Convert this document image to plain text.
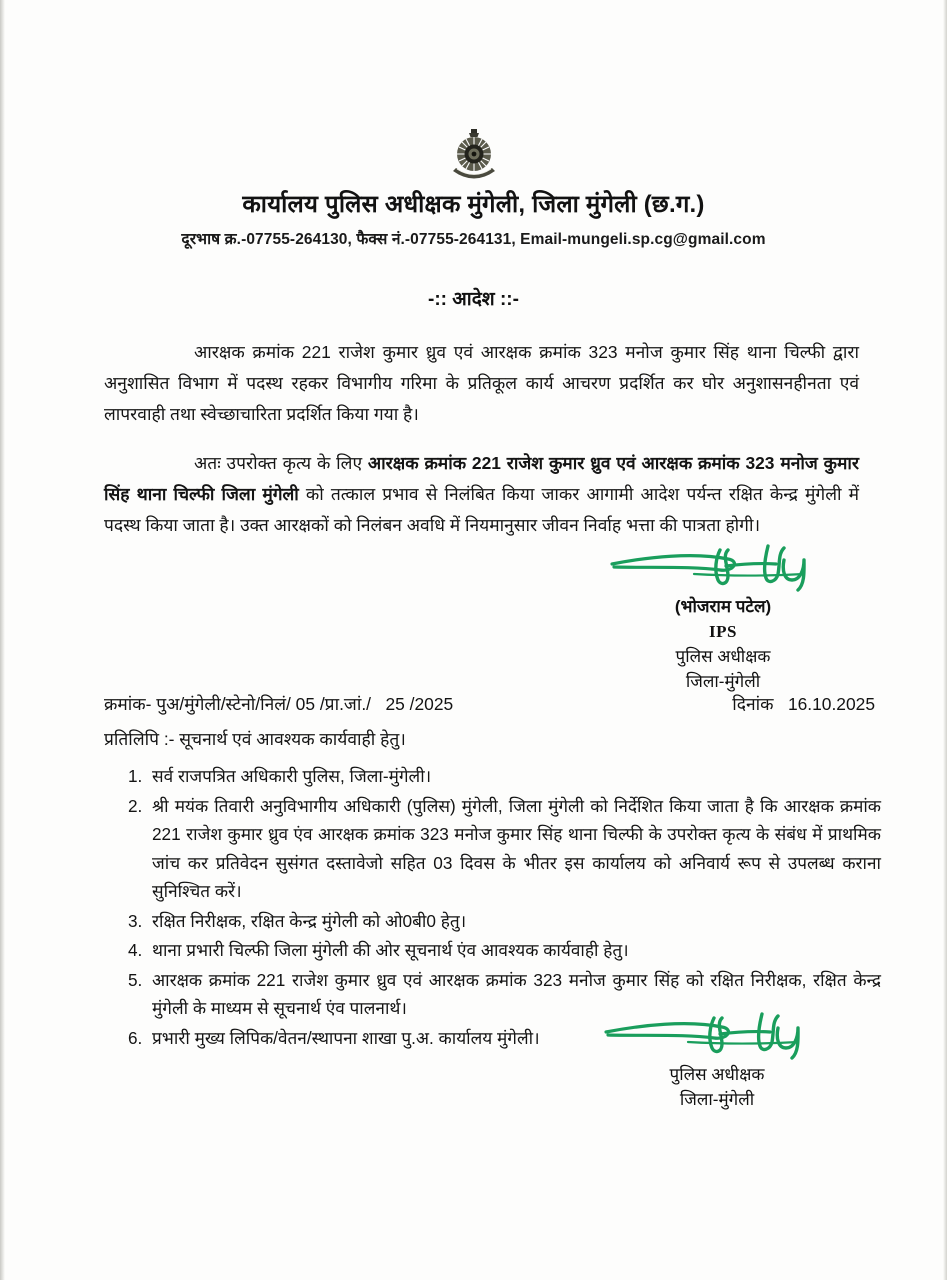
कार्यालय पुलिस अधीक्षक मुंगेली, जिला मुंगेली (छ.ग.)
दूरभाष क्र.-07755-264130, फैक्स नं.-07755-264131, Email-mungeli.sp.cg@gmail.com
-:: आदेश ::-

आरक्षक क्रमांक 221 राजेश कुमार ध्रुव एवं आरक्षक क्रमांक 323 मनोज कुमार सिंह थाना चिल्फी द्वारा अनुशासित विभाग में पदस्थ रहकर विभागीय गरिमा के प्रतिकूल कार्य आचरण प्रदर्शित कर घोर अनुशासनहीनता एवं लापरवाही तथा स्वेच्छाचारिता प्रदर्शित किया गया है।

अतः उपरोक्त कृत्य के लिए आरक्षक क्रमांक 221 राजेश कुमार ध्रुव एवं आरक्षक क्रमांक 323 मनोज कुमार सिंह थाना चिल्फी जिला मुंगेली को तत्काल प्रभाव से निलंबित किया जाकर आगामी आदेश पर्यन्त रक्षित केन्द्र मुंगेली में पदस्थ किया जाता है। उक्त आरक्षकों को निलंबन अवधि में नियमानुसार जीवन निर्वाह भत्ता की पात्रता होगी।

(भोजराम पटेल)
IPS
पुलिस अधीक्षक
जिला-मुंगेली
क्रमांक- पुअ/मुंगेली/स्टेनो/निलं/ 05 /प्रा.जां./   25 /2025	दिनांक   16.10.2025
प्रतिलिपि :- सूचनार्थ एवं आवश्यक कार्यवाही हेतु।
1. सर्व राजपत्रित अधिकारी पुलिस, जिला-मुंगेली।
2. श्री मयंक तिवारी अनुविभागीय अधिकारी (पुलिस) मुंगेली, जिला मुंगेली को निर्देशित किया जाता है कि आरक्षक क्रमांक 221 राजेश कुमार ध्रुव एंव आरक्षक क्रमांक 323 मनोज कुमार सिंह थाना चिल्फी के उपरोक्त कृत्य के संबंध में प्राथमिक जांच कर प्रतिवेदन सुसंगत दस्तावेजो सहित 03 दिवस के भीतर इस कार्यालय को अनिवार्य रूप से उपलब्ध कराना सुनिश्चित करें।
3. रक्षित निरीक्षक, रक्षित केन्द्र मुंगेली को ओ0बी0 हेतु।
4. थाना प्रभारी चिल्फी जिला मुंगेली की ओर सूचनार्थ एंव आवश्यक कार्यवाही हेतु।
5. आरक्षक क्रमांक 221 राजेश कुमार ध्रुव एवं आरक्षक क्रमांक 323 मनोज कुमार सिंह को रक्षित निरीक्षक, रक्षित केन्द्र मुंगेली के माध्यम से सूचनार्थ एंव पालनार्थ।
6. प्रभारी मुख्य लिपिक/वेतन/स्थापना शाखा पु.अ. कार्यालय मुंगेली।
पुलिस अधीक्षक
जिला-मुंगेली
